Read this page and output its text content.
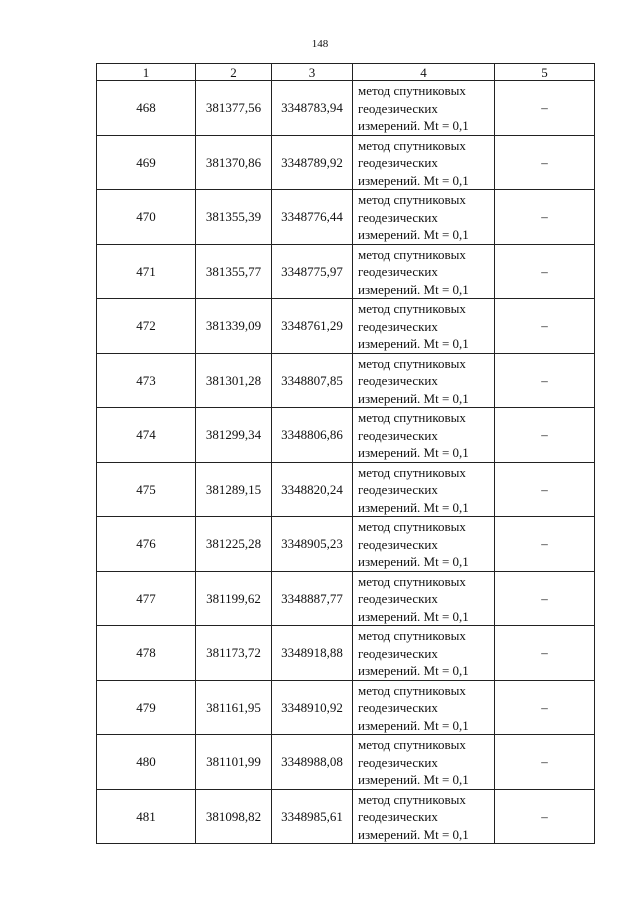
148
1	2	3	4	5
468	381377,56	3348783,94	метод спутниковых
геодезических
измерений. Mt = 0,1	–
469	381370,86	3348789,92	метод спутниковых
геодезических
измерений. Mt = 0,1	–
470	381355,39	3348776,44	метод спутниковых
геодезических
измерений. Mt = 0,1	–
471	381355,77	3348775,97	метод спутниковых
геодезических
измерений. Mt = 0,1	–
472	381339,09	3348761,29	метод спутниковых
геодезических
измерений. Mt = 0,1	–
473	381301,28	3348807,85	метод спутниковых
геодезических
измерений. Mt = 0,1	–
474	381299,34	3348806,86	метод спутниковых
геодезических
измерений. Mt = 0,1	–
475	381289,15	3348820,24	метод спутниковых
геодезических
измерений. Mt = 0,1	–
476	381225,28	3348905,23	метод спутниковых
геодезических
измерений. Mt = 0,1	–
477	381199,62	3348887,77	метод спутниковых
геодезических
измерений. Mt = 0,1	–
478	381173,72	3348918,88	метод спутниковых
геодезических
измерений. Mt = 0,1	–
479	381161,95	3348910,92	метод спутниковых
геодезических
измерений. Mt = 0,1	–
480	381101,99	3348988,08	метод спутниковых
геодезических
измерений. Mt = 0,1	–
481	381098,82	3348985,61	метод спутниковых
геодезических
измерений. Mt = 0,1	–
